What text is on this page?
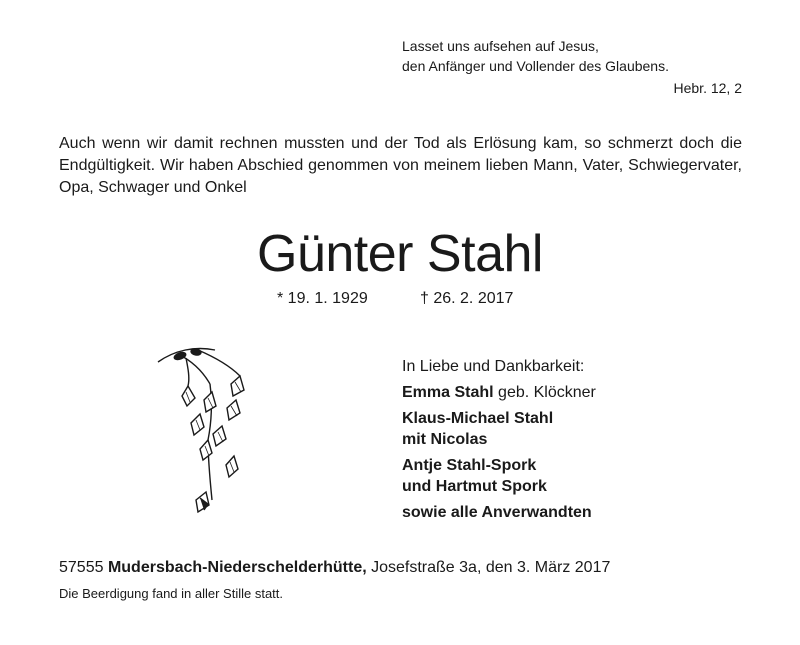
Lasset uns aufsehen auf Jesus,
den Anfänger und Vollender des Glaubens.
Hebr. 12, 2
Auch wenn wir damit rechnen mussten und der Tod als Erlösung kam, so schmerzt doch die Endgültigkeit. Wir haben Abschied genommen von meinem lieben Mann, Vater, Schwiegervater, Opa, Schwager und Onkel
Günter Stahl
* 19. 1. 1929	† 26. 2. 2017
In Liebe und Dankbarkeit:
Emma Stahl geb. Klöckner
Klaus-Michael Stahl
mit Nicolas
Antje Stahl-Spork
und Hartmut Spork
sowie alle Anverwandten
57555 Mudersbach-Niederschelderhütte, Josefstraße 3a, den 3. März 2017
Die Beerdigung fand in aller Stille statt.
